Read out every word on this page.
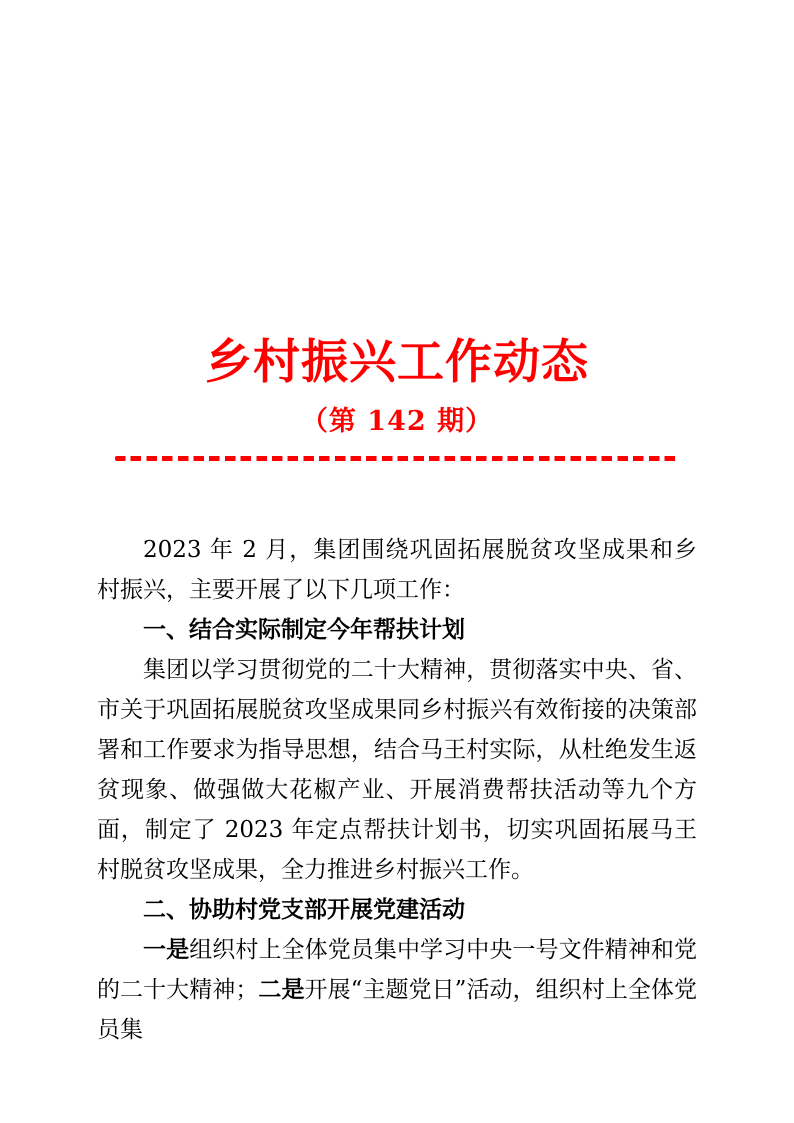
乡村振兴工作动态
（第 142 期）

2023 年 2 月，集团围绕巩固拓展脱贫攻坚成果和乡村振兴，主要开展了以下几项工作：

一、结合实际制定今年帮扶计划

集团以学习贯彻党的二十大精神，贯彻落实中央、省、市关于巩固拓展脱贫攻坚成果同乡村振兴有效衔接的决策部署和工作要求为指导思想，结合马王村实际，从杜绝发生返贫现象、做强做大花椒产业、开展消费帮扶活动等九个方面，制定了 2023 年定点帮扶计划书，切实巩固拓展马王村脱贫攻坚成果，全力推进乡村振兴工作。

二、协助村党支部开展党建活动

一是组织村上全体党员集中学习中央一号文件精神和党的二十大精神；二是开展“主题党日”活动，组织村上全体党员集
